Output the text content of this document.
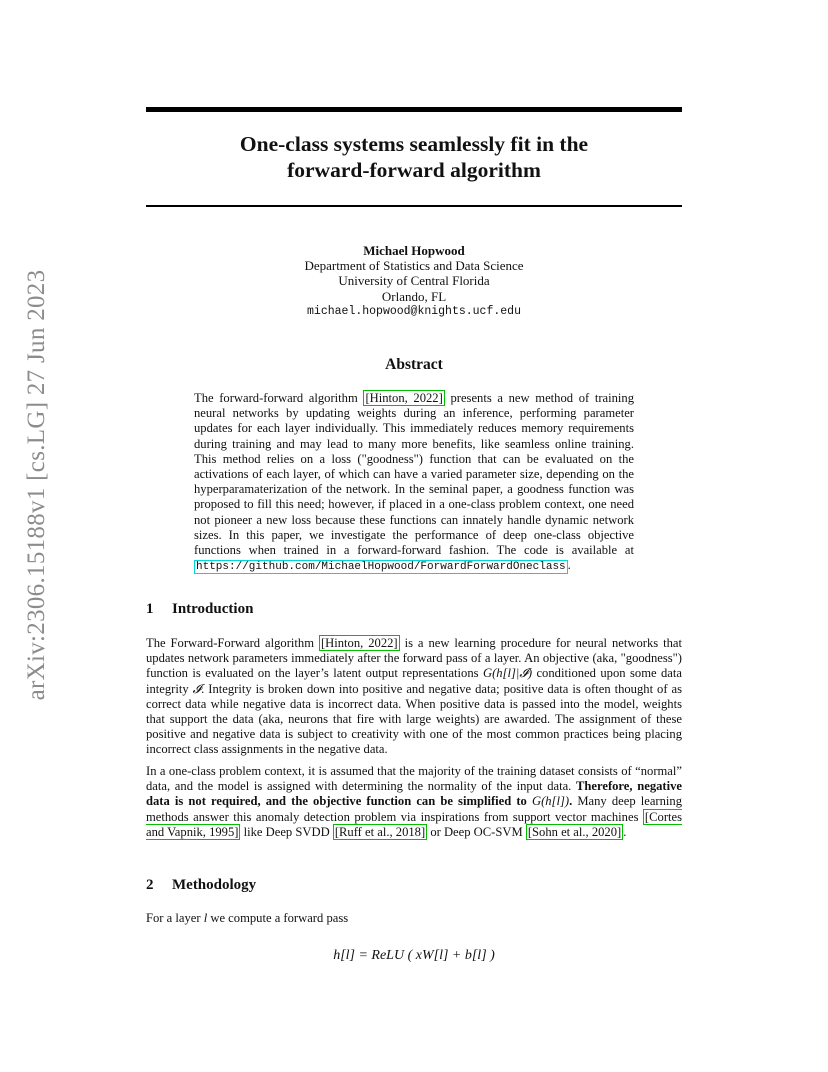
arXiv:2306.15188v1 [cs.LG] 27 Jun 2023
One-class systems seamlessly fit in the
forward-forward algorithm
Michael Hopwood
Department of Statistics and Data Science
University of Central Florida
Orlando, FL
michael.hopwood@knights.ucf.edu
Abstract
The forward-forward algorithm [Hinton, 2022] presents a new method of training neural networks by updating weights during an inference, performing parameter updates for each layer individually. This immediately reduces memory requirements during training and may lead to many more benefits, like seamless online training. This method relies on a loss ("goodness") function that can be evaluated on the activations of each layer, of which can have a varied parameter size, depending on the hyperparamaterization of the network. In the seminal paper, a goodness function was proposed to fill this need; however, if placed in a one-class problem context, one need not pioneer a new loss because these functions can innately handle dynamic network sizes. In this paper, we investigate the performance of deep one-class objective functions when trained in a forward-forward fashion. The code is available at https://github.com/MichaelHopwood/ForwardForwardOneclass .
1 Introduction
The Forward-Forward algorithm [Hinton, 2022] is a new learning procedure for neural networks that updates network parameters immediately after the forward pass of a layer. An objective (aka, "goodness") function is evaluated on the layer’s latent output representations G(h[l]|𝓘) conditioned upon some data integrity 𝓘. Integrity is broken down into positive and negative data; positive data is often thought of as correct data while negative data is incorrect data. When positive data is passed into the model, weights that support the data (aka, neurons that fire with large weights) are awarded. The assignment of these positive and negative data is subject to creativity with one of the most common practices being placing incorrect class assignments in the negative data.
In a one-class problem context, it is assumed that the majority of the training dataset consists of “normal” data, and the model is assigned with determining the normality of the input data. Therefore, negative data is not required, and the objective function can be simplified to G(h[l]). Many deep learning methods answer this anomaly detection problem via inspirations from support vector machines [Cortes and Vapnik, 1995] like Deep SVDD [Ruff et al., 2018] or Deep OC-SVM [Sohn et al., 2020] .
2 Methodology
For a layer l we compute a forward pass
h[l] = ReLU ( xW[l] + b[l] )
